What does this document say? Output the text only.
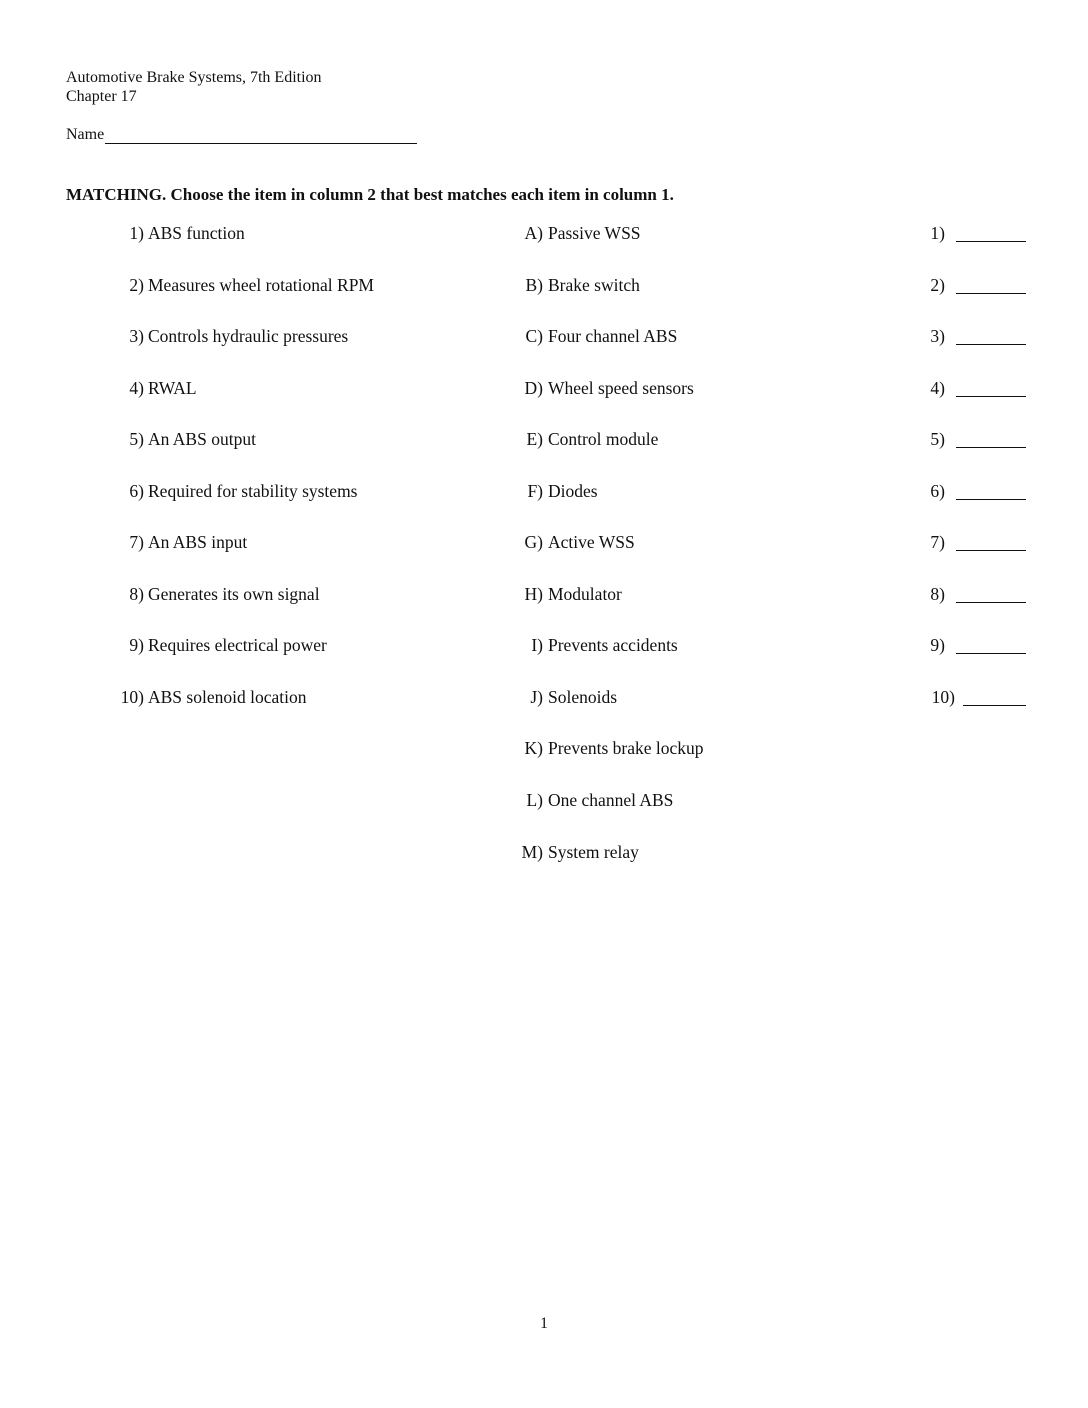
Automotive Brake Systems, 7th Edition
Chapter 17
Name
MATCHING. Choose the item in column 2 that best matches each item in column 1.
1) ABS function	A) Passive WSS	1)
2) Measures wheel rotational RPM	B) Brake switch	2)
3) Controls hydraulic pressures	C) Four channel ABS	3)
4) RWAL	D) Wheel speed sensors	4)
5) An ABS output	E) Control module	5)
6) Required for stability systems	F) Diodes	6)
7) An ABS input	G) Active WSS	7)
8) Generates its own signal	H) Modulator	8)
9) Requires electrical power	I) Prevents accidents	9)
10) ABS solenoid location	J) Solenoids	10)
K) Prevents brake lockup
L) One channel ABS
M) System relay
1
